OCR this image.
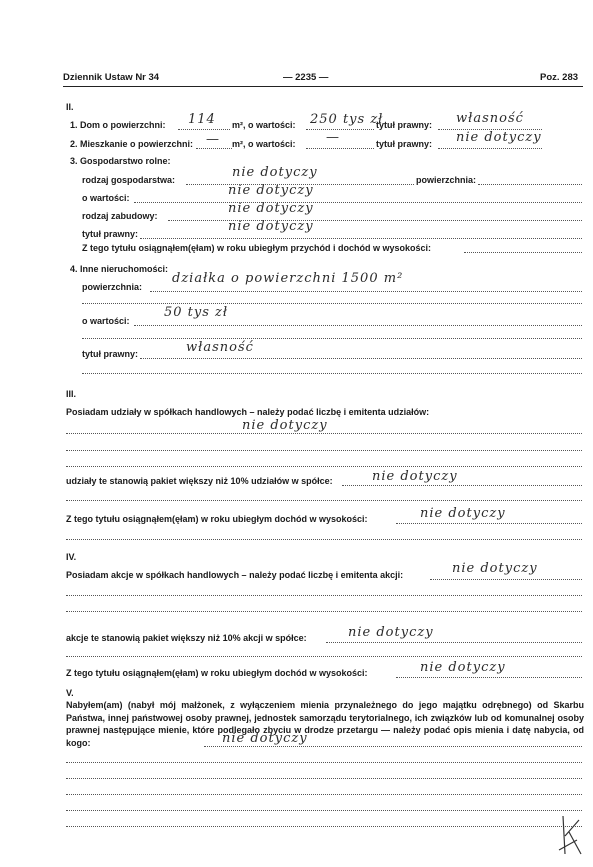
Dziennik Ustaw Nr 34	— 2235 —	Poz. 283
II.
1. Dom o powierzchni: 114 m², o wartości: 250 tys zł
tytuł prawny: własność
2. Mieszkanie o powierzchni: — m², o wartości: —	tytuł prawny: nie dotyczy
3. Gospodarstwo rolne:
rodzaj gospodarstwa:	nie dotyczy	powierzchnia:
o wartości:	nie dotyczy
rodzaj zabudowy:	nie dotyczy
tytuł prawny:	nie dotyczy
Z tego tytułu osiągnąłem(ęłam) w roku ubiegłym przychód i dochód w wysokości:
4. Inne nieruchomości:
powierzchnia:
działka o powierzchni 1500 m²
o wartości:
50 tys zł
tytuł prawny:	własność
III.
Posiadam udziały w spółkach handlowych – należy podać liczbę i emitenta udziałów:
nie dotyczy
udziały te stanowią pakiet większy niż 10% udziałów w spółce:	nie dotyczy
Z tego tytułu osiągnąłem(ęłam) w roku ubiegłym dochód w wysokości:	nie dotyczy
IV.
Posiadam akcje w spółkach handlowych – należy podać liczbę i emitenta akcji:	nie dotyczy
akcje te stanowią pakiet większy niż 10% akcji w spółce:	nie dotyczy
Z tego tytułu osiągnąłem(ęłam) w roku ubiegłym dochód w wysokości:	nie dotyczy
V.
Nabyłem(am) (nabył mój małżonek, z wyłączeniem mienia przynależnego do jego majątku odrębnego) od Skarbu Państwa, innej państwowej osoby prawnej, jednostek samorządu terytorialnego, ich związków lub od komunalnej osoby prawnej następujące mienie, które podlegało zbyciu w drodze przetargu — należy podać opis mienia i datę nabycia, od kogo:	nie dotyczy
